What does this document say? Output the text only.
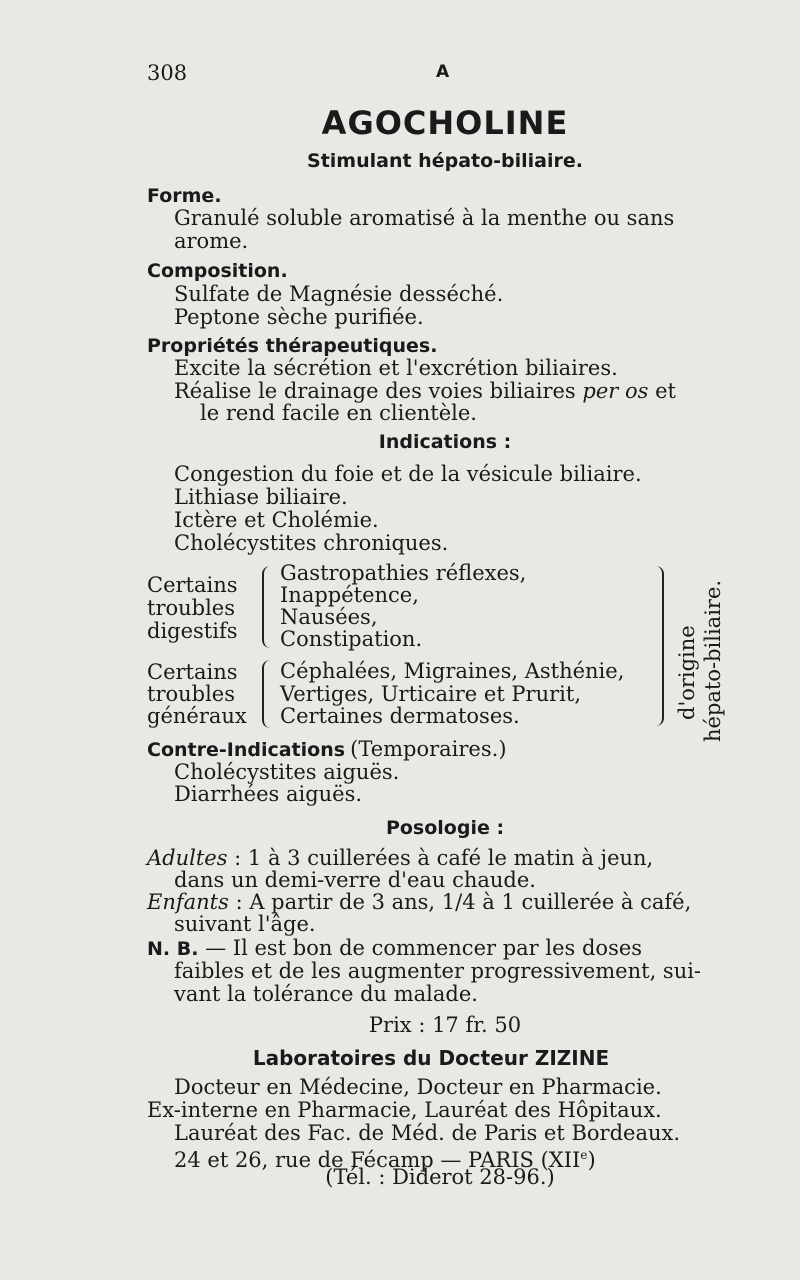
308	A
AGOCHOLINE
Stimulant hépato-biliaire.
Forme.
Granulé soluble aromatisé à la menthe ou sans
arome.
Composition.
Sulfate de Magnésie desséché.
Peptone sèche purifiée.
Propriétés thérapeutiques.
Excite la sécrétion et l'excrétion biliaires.
Réalise le drainage des voies biliaires per os et
le rend facile en clientèle.
Indications :
Congestion du foie et de la vésicule biliaire.
Lithiase biliaire.
Ictère et Cholémie.
Cholécystites chroniques.
Certains
troubles
digestifs
Gastropathies réflexes,
Inappétence,
Nausées,
Constipation.
Certains
troubles
généraux
Céphalées, Migraines, Asthénie,
Vertiges, Urticaire et Prurit,
Certaines dermatoses.	d'origine hépato-biliaire.
Contre-Indications (Temporaires.)
Cholécystites aiguës.
Diarrhées aiguës.
Posologie :
Adultes : 1 à 3 cuillerées à café le matin à jeun,
dans un demi-verre d'eau chaude.
Enfants : A partir de 3 ans, 1/4 à 1 cuillerée à café,
suivant l'âge.
N. B. — Il est bon de commencer par les doses
faibles et de les augmenter progressivement, sui-
vant la tolérance du malade.
Prix : 17 fr. 50
Laboratoires du Docteur ZIZINE
Docteur en Médecine, Docteur en Pharmacie.
Ex-interne en Pharmacie, Lauréat des Hôpitaux.
Lauréat des Fac. de Méd. de Paris et Bordeaux.
24 et 26, rue de Fécamp — PARIS (XIIe)
(Tél. : Diderot 28-96.)
